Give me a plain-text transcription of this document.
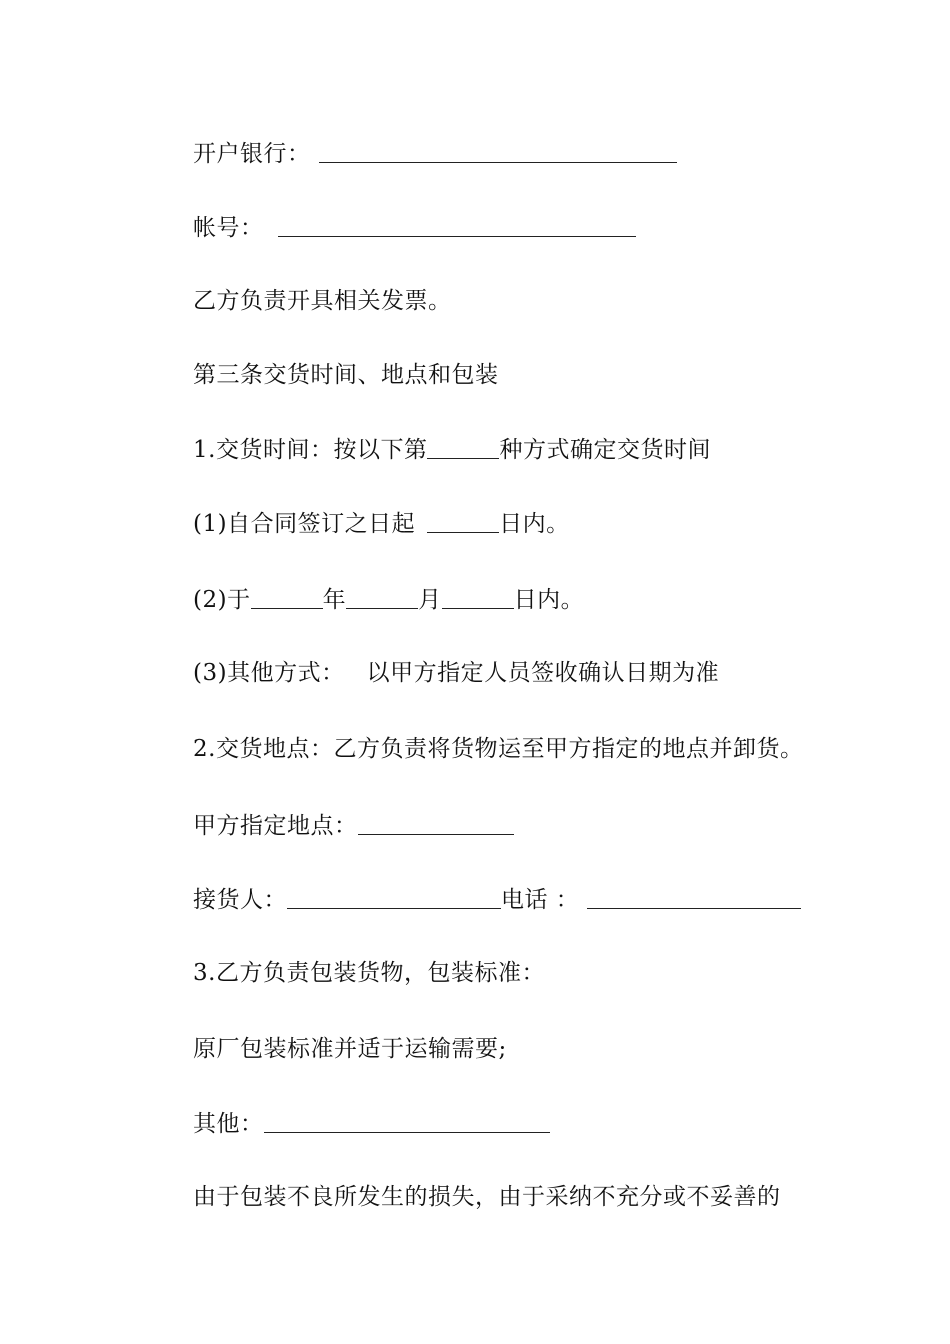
开户银行：
帐号：
乙方负责开具相关发票。
第三条交货时间、地点和包装
1.交货时间：按以下第	种方式确定交货时间
(1)自合同签订之日起	日内。
(2)于	年	月	日内。
(3)其他方式： 以甲方指定人员签收确认日期为准
2.交货地点：乙方负责将货物运至甲方指定的地点并卸货。
甲方指定地点：
接货人：	电话 ：
3.乙方负责包装货物，包装标准：
原厂包装标准并适于运输需要;
其他：
由于包装不良所发生的损失，由于采纳不充分或不妥善的
